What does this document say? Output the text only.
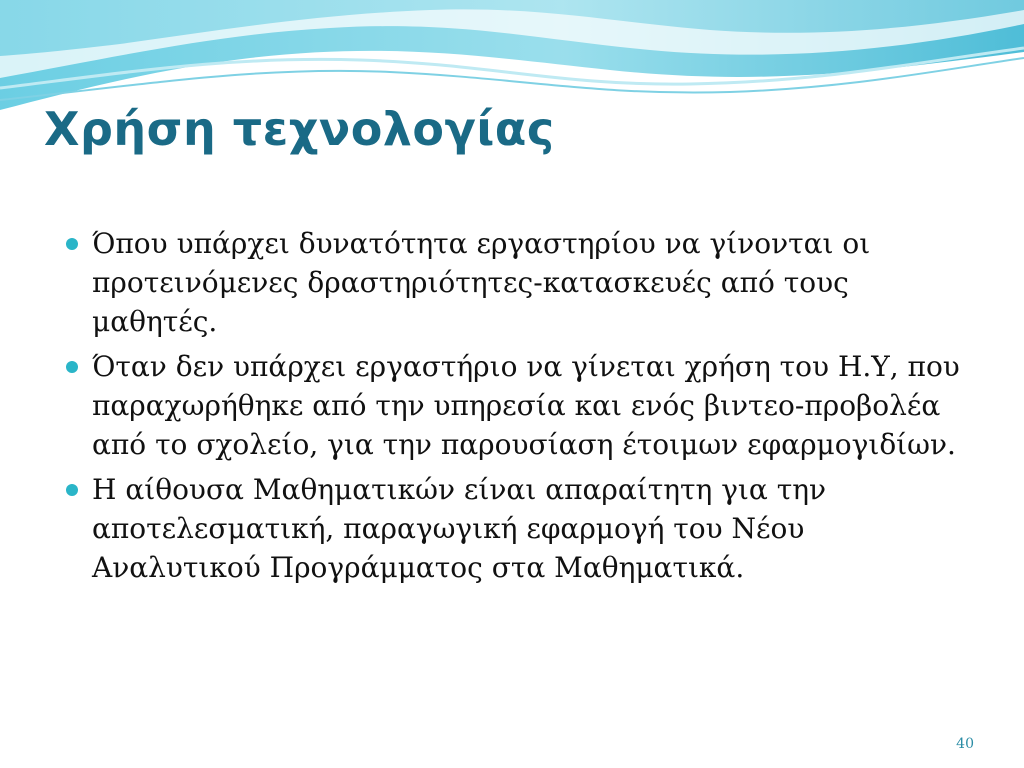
Χρήση τεχνολογίας
Όπου υπάρχει δυνατότητα εργαστηρίου να γίνονται οι προτεινόμενες δραστηριότητες-κατασκευές από τους μαθητές.
Όταν δεν υπάρχει εργαστήριο να γίνεται χρήση του Η.Υ, που παραχωρήθηκε από την υπηρεσία και ενός βιντεο-προβολέα από το σχολείο, για την παρουσίαση έτοιμων εφαρμογιδίων.
Η αίθουσα Μαθηματικών είναι απαραίτητη για την αποτελεσματική, παραγωγική εφαρμογή του Νέου Αναλυτικού Προγράμματος στα Μαθηματικά.
40
